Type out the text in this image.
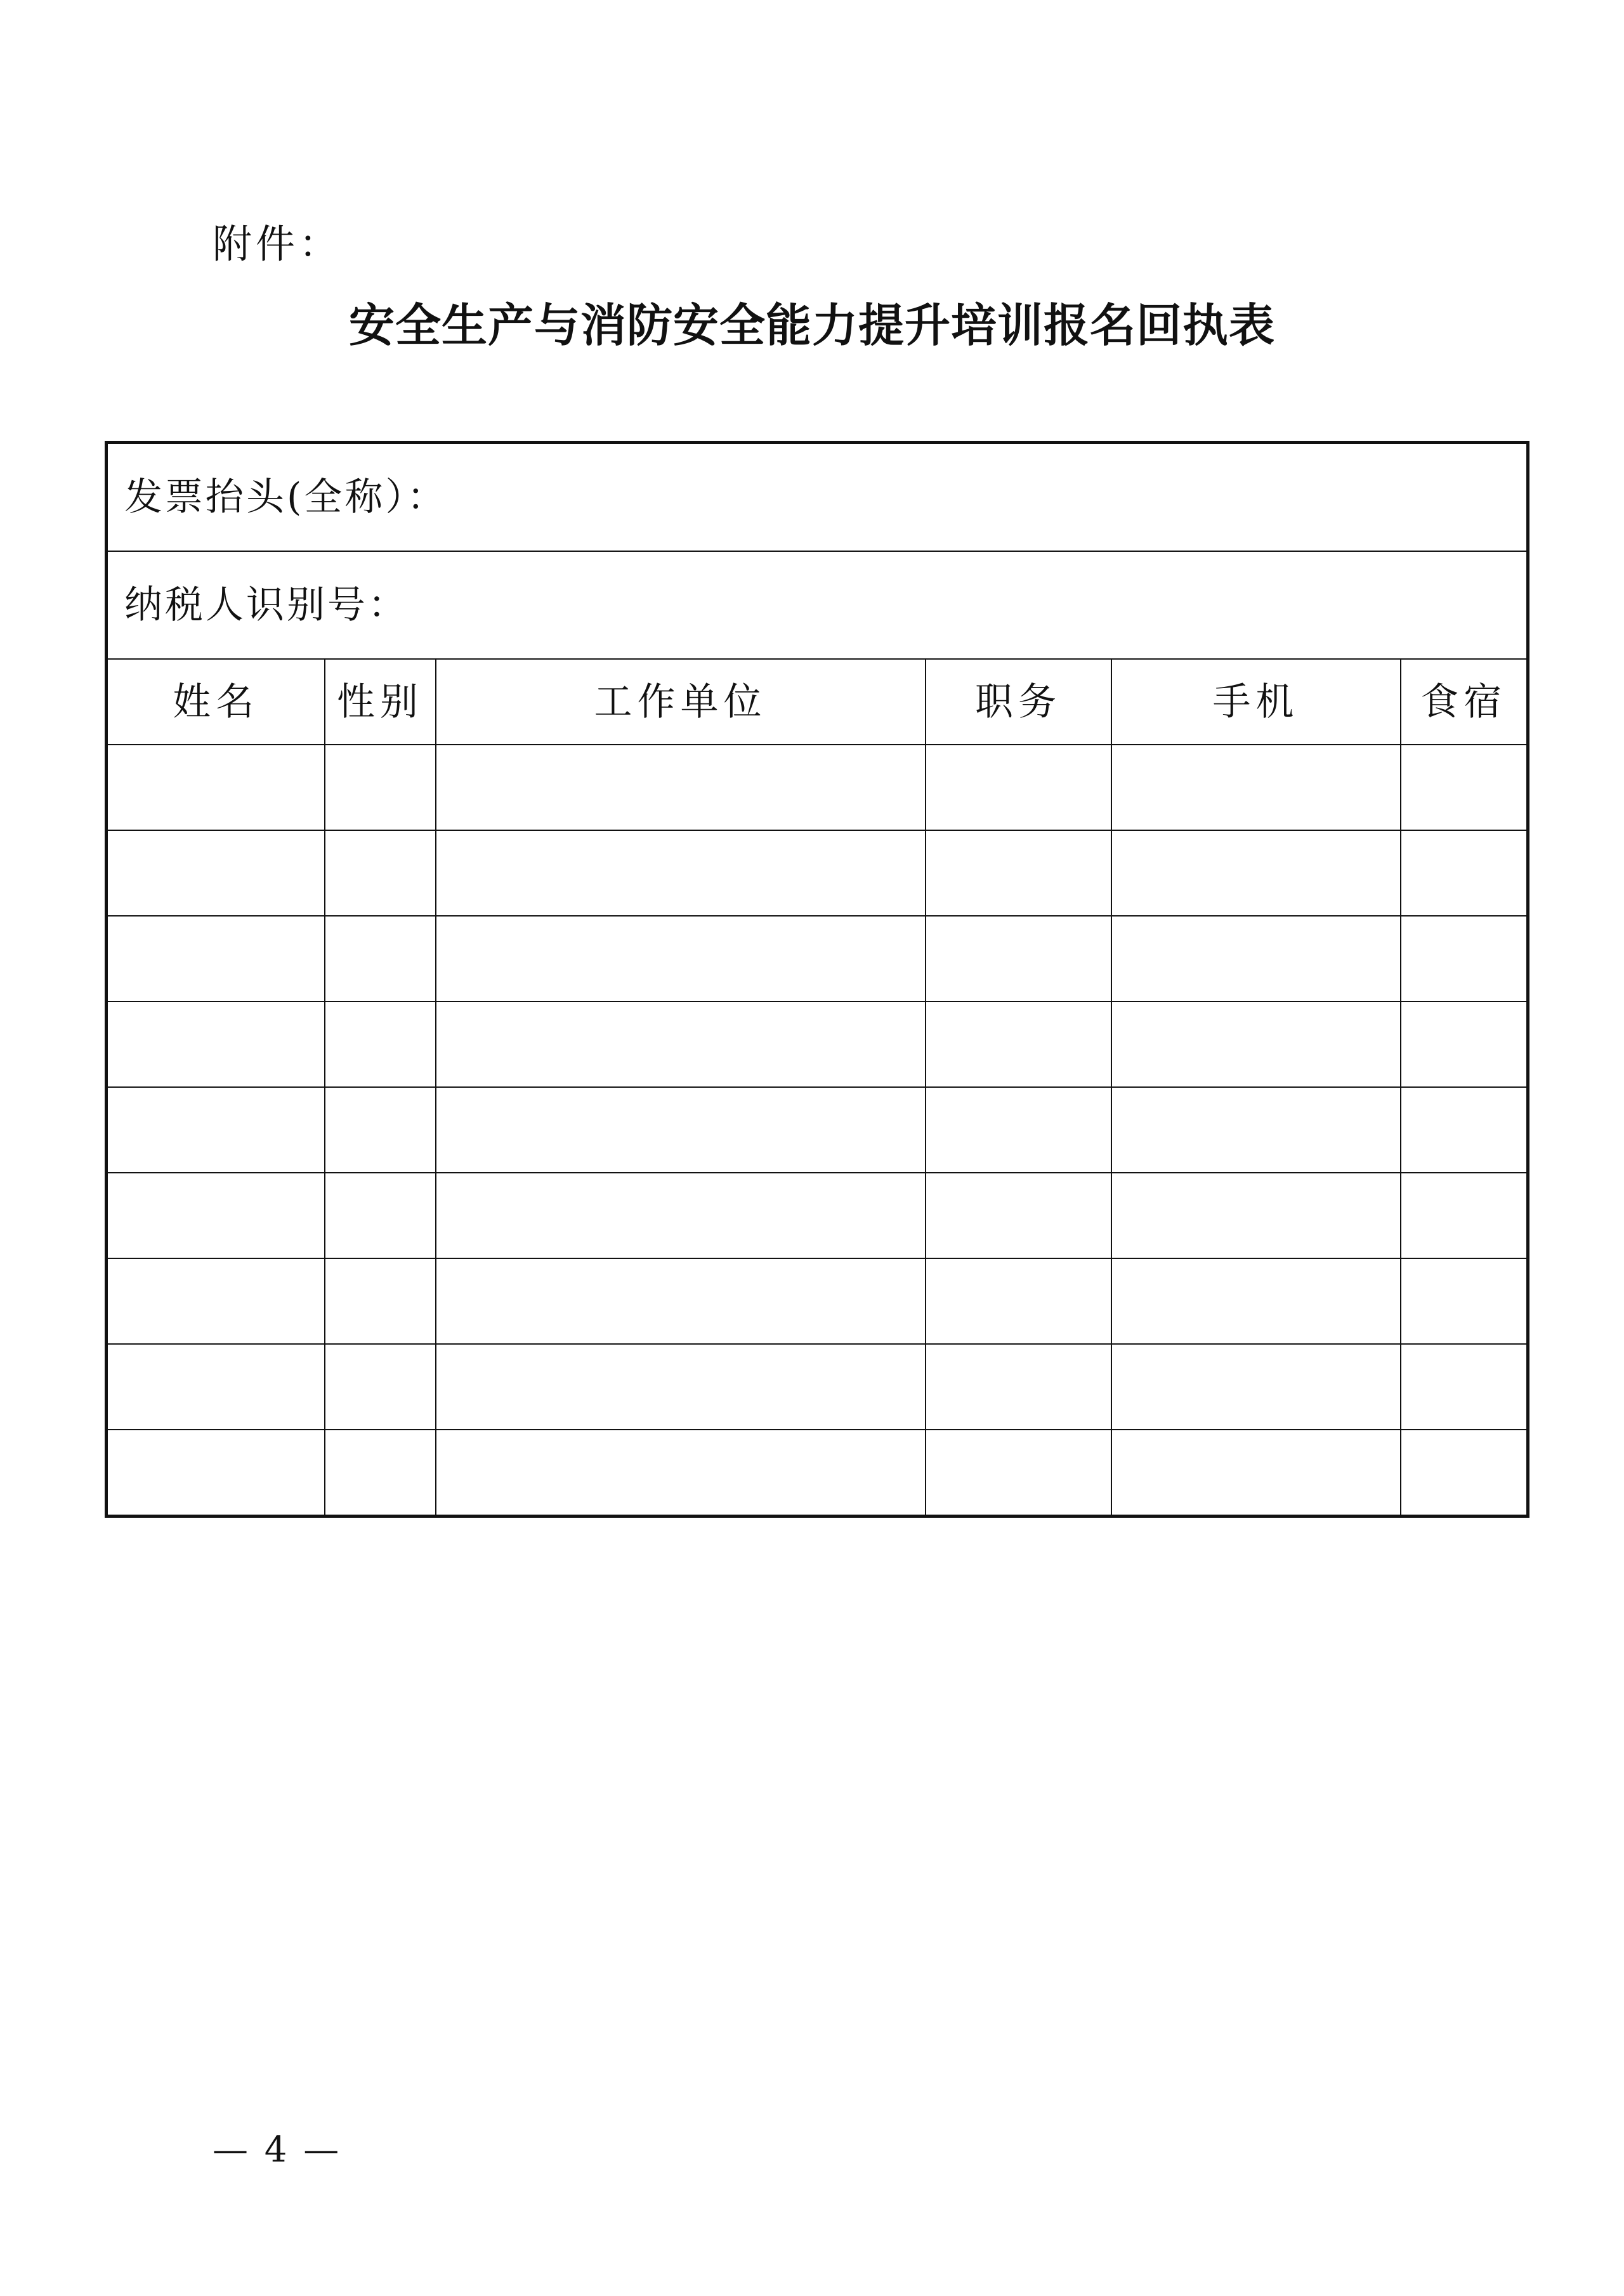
附件：
安全生产与消防安全能力提升培训报名回执表
发票抬头(全称）：					
纳税人识别号：					
姓名	性别	工作单位	职务	手机	食宿

— 4 —
